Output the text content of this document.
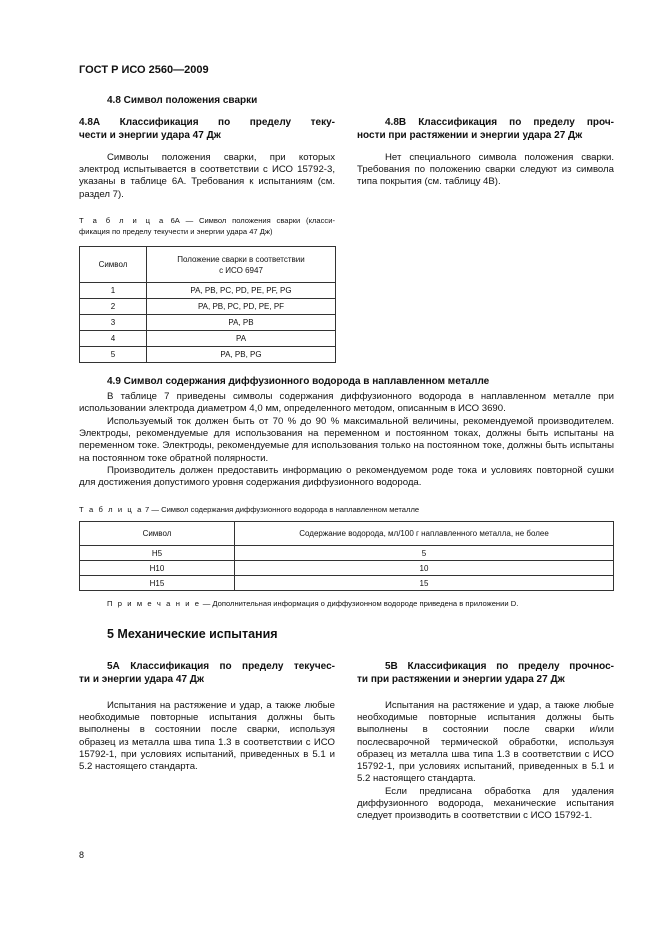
ГОСТ Р ИСО 2560—2009
4.8 Символ положения сварки
4.8А Классификация по пределу теку-
чести и энергии удара 47 Дж
Символы положения сварки, при которых электрод испытывается в соответствии с ИСО 15792-3, указаны в таблице 6А. Требования к испытаниям (см. раздел 7).
4.8В Классификация по пределу проч-
ности при растяжении и энергии удара 27 Дж
Нет специального символа положения сварки. Требования по положению сварки следуют из символа типа покрытия (см. таблицу 4В).
Т а б л и ц а 6А — Символ положения сварки (класси-
фикация по пределу текучести и энергии удара 47 Дж)
Символ	Положение сварки в соответствии
с ИСО 6947

1	PA, PB, PC, PD, PE, PF, PG
2	PA, PB, PC, PD, PE, PF
3	PA, PB
4	PA
5	PA, PB, PG
4.9 Символ содержания диффузионного водорода в наплавленном металле
В таблице 7 приведены символы содержания диффузионного водорода в наплавленном металле при использовании электрода диаметром 4,0 мм, определенного методом, описанным в ИСО 3690.
Используемый ток должен быть от 70 % до 90 % максимальной величины, рекомендуемой производителем. Электроды, рекомендуемые для использования на переменном и постоянном токах, должны быть испытаны на переменном токе. Электроды, рекомендуемые для использования только на постоянном токе, должны быть испытаны на постоянном токе обратной полярности.
Производитель должен предоставить информацию о рекомендуемом роде тока и условиях повторной сушки для достижения допустимого уровня содержания диффузионного водорода.
Т а б л и ц а 7 — Символ содержания диффузионного водорода в наплавленном металле
Символ	Содержание водорода, мл/100 г наплавленного металла, не более
H5	5
H10	10
H15	15
П р и м е ч а н и е — Дополнительная информация о диффузионном водороде приведена в приложении D.
5 Механические испытания
5А Классификация по пределу текучес-
ти и энергии удара 47 Дж
Испытания на растяжение и удар, а также любые необходимые повторные испытания должны быть выполнены в состоянии после сварки, используя образец из металла шва типа 1.3 в соответствии с ИСО 15792-1, при условиях испытаний, приведенных в 5.1 и 5.2 настоящего стандарта.
5В Классификация по пределу прочнос-
ти при растяжении и энергии удара 27 Дж
Испытания на растяжение и удар, а также любые необходимые повторные испытания должны быть выполнены в состоянии после сварки и/или послесварочной термической обработки, используя образец из металла шва типа 1.3 в соответствии с ИСО 15792-1, при условиях испытаний, приведенных в 5.1 и 5.2 настоящего стандарта.
Если предписана обработка для удаления диффузионного водорода, механические испытания следует производить в соответствии с ИСО 15792-1.
8
